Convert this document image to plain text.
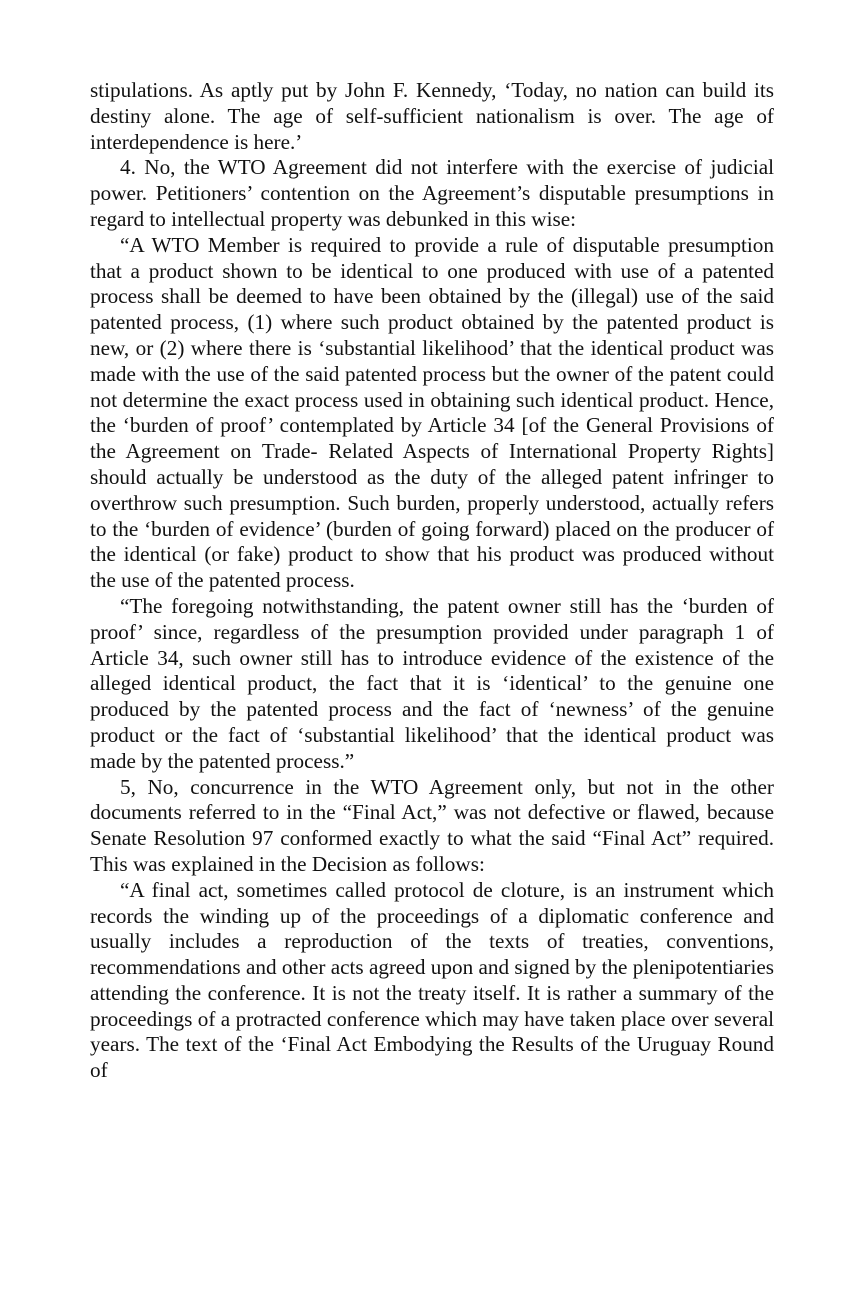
stipulations. As aptly put by John F. Kennedy, ‘Today, no nation can build its destiny alone. The age of self-sufficient nationalism is over. The age of interdependence is here.’

4. No, the WTO Agreement did not interfere with the exercise of judicial power. Petitioners’ contention on the Agreement’s disputable presumptions in regard to intellectual property was debunked in this wise:

“A WTO Member is required to provide a rule of disputable presumption that a product shown to be identical to one produced with use of a patented process shall be deemed to have been obtained by the (illegal) use of the said patented process, (1) where such product obtained by the patented product is new, or (2) where there is ‘substantial likelihood’ that the identical product was made with the use of the said patented process but the owner of the patent could not determine the exact process used in obtaining such identical product. Hence, the ‘burden of proof’ contemplated by Article 34 [of the General Provisions of the Agreement on Trade- Related Aspects of International Property Rights] should actually be understood as the duty of the alleged patent infringer to overthrow such presumption. Such burden, properly understood, actually refers to the ‘burden of evidence’ (burden of going forward) placed on the producer of the identical (or fake) product to show that his product was produced without the use of the patented process.

“The foregoing notwithstanding, the patent owner still has the ‘burden of proof’ since, regardless of the presumption provided under paragraph 1 of Article 34, such owner still has to introduce evidence of the existence of the alleged identical product, the fact that it is ‘identical’ to the genuine one produced by the patented process and the fact of ‘newness’ of the genuine product or the fact of ‘substantial likelihood’ that the identical product was made by the patented process.”

5, No, concurrence in the WTO Agreement only, but not in the other documents referred to in the “Final Act,” was not defective or flawed, because Senate Resolution 97 conformed exactly to what the said “Final Act” required. This was explained in the Decision as follows:

“A final act, sometimes called protocol de cloture, is an instrument which records the winding up of the proceedings of a diplomatic conference and usually includes a reproduction of the texts of treaties, conventions, recommendations and other acts agreed upon and signed by the plenipotentiaries attending the conference. It is not the treaty itself. It is rather a summary of the proceedings of a protracted conference which may have taken place over several years. The text of the ‘Final Act Embodying the Results of the Uruguay Round of
